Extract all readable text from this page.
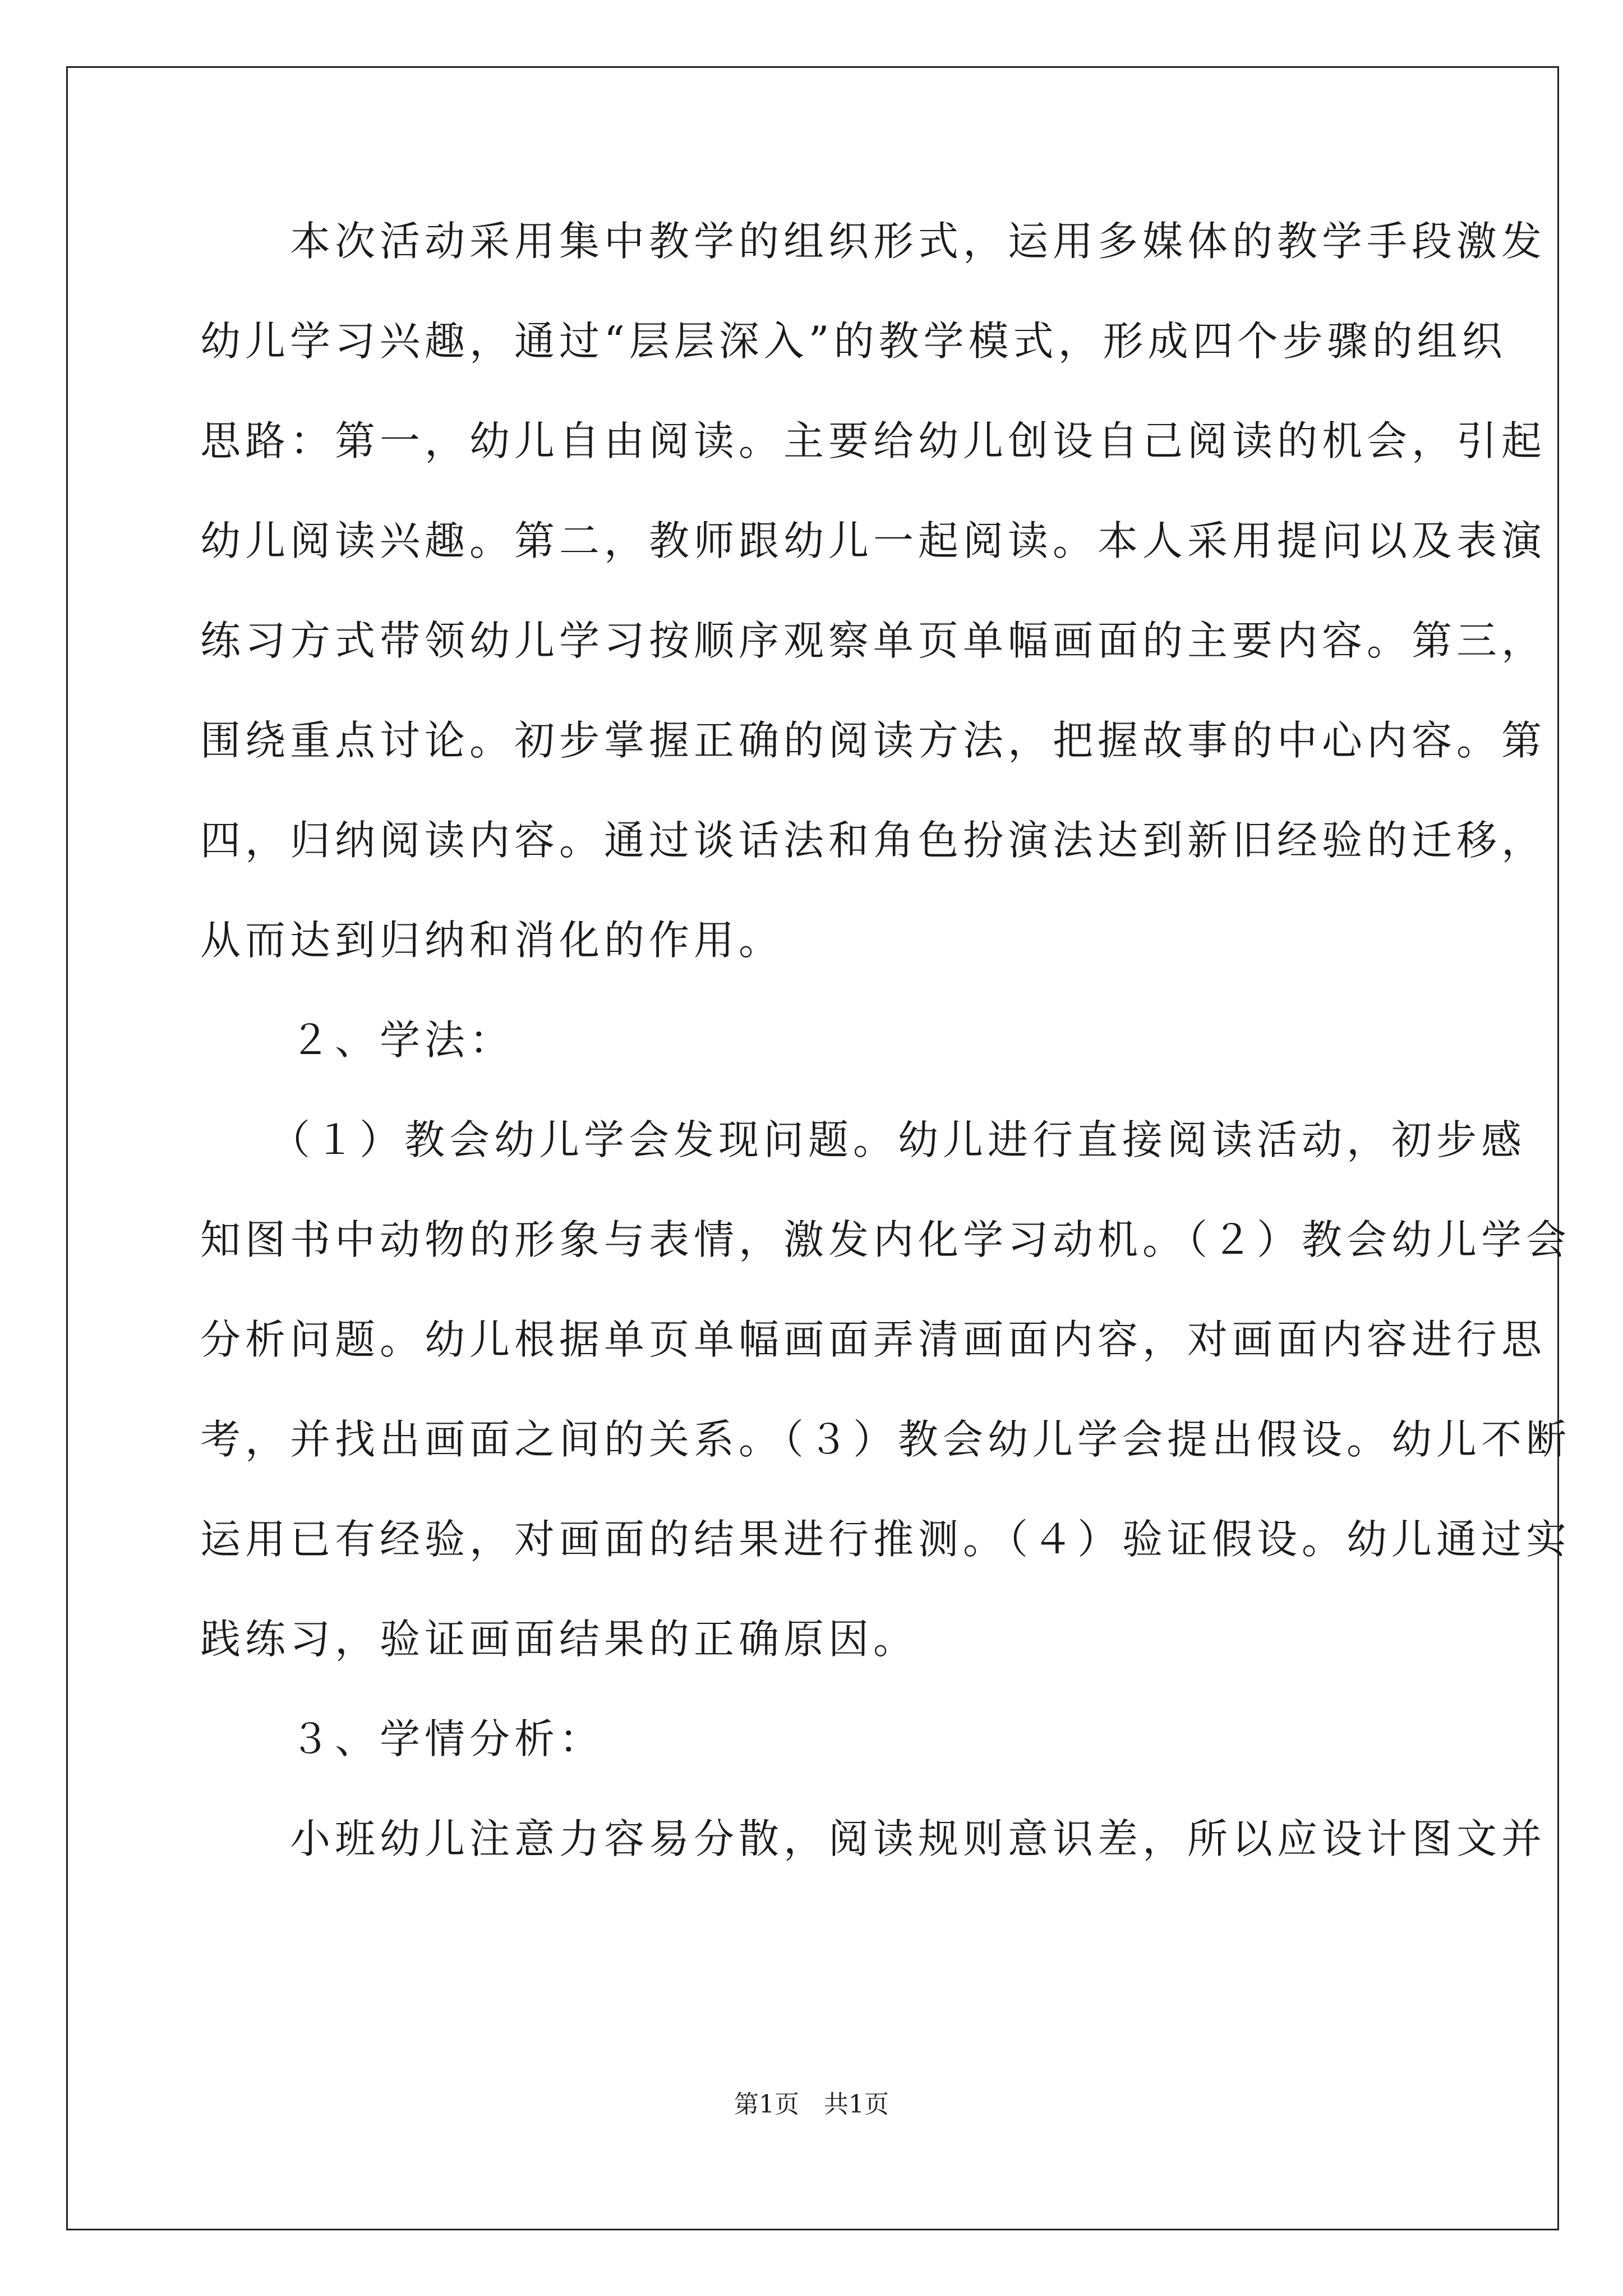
　　本次活动采用集中教学的组织形式，运用多媒体的教学手段激发
幼儿学习兴趣，通过“层层深入”的教学模式，形成四个步骤的组织
思路：第一，幼儿自由阅读。主要给幼儿创设自己阅读的机会，引起
幼儿阅读兴趣。第二，教师跟幼儿一起阅读。本人采用提问以及表演
练习方式带领幼儿学习按顺序观察单页单幅画面的主要内容。第三，
围绕重点讨论。初步掌握正确的阅读方法，把握故事的中心内容。第
四，归纳阅读内容。通过谈话法和角色扮演法达到新旧经验的迁移，
从而达到归纳和消化的作用。
　　２、学法：
　　（１）教会幼儿学会发现问题。幼儿进行直接阅读活动，初步感
知图书中动物的形象与表情，激发内化学习动机。（２）教会幼儿学会
分析问题。幼儿根据单页单幅画面弄清画面内容，对画面内容进行思
考，并找出画面之间的关系。（３）教会幼儿学会提出假设。幼儿不断
运用已有经验，对画面的结果进行推测。（４）验证假设。幼儿通过实
践练习，验证画面结果的正确原因。
　　３、学情分析：
　　小班幼儿注意力容易分散，阅读规则意识差，所以应设计图文并
第1页　共1页
